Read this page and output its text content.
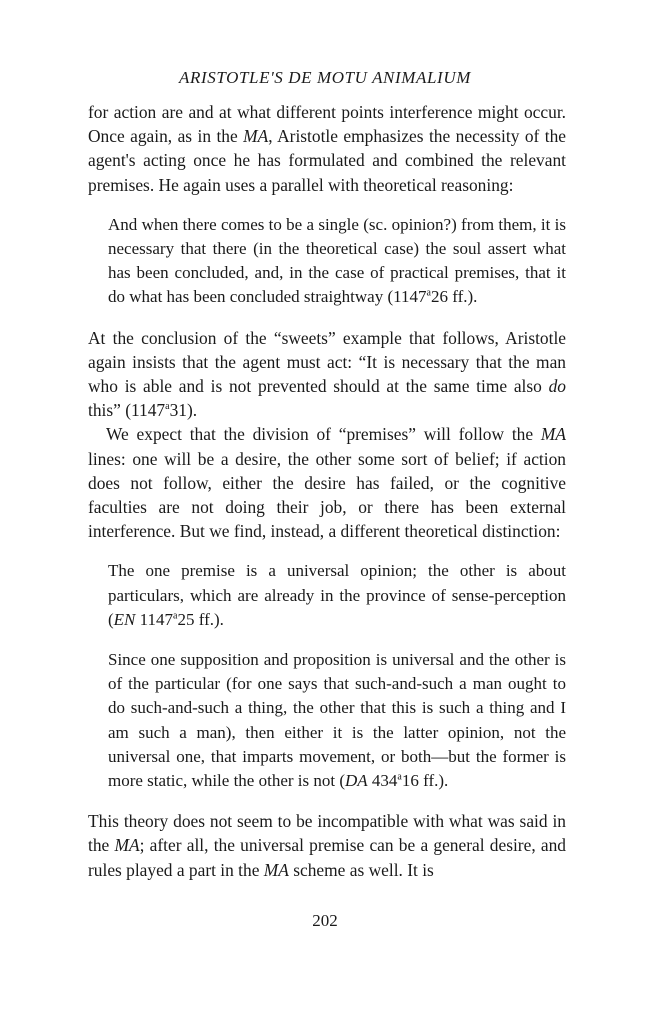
ARISTOTLE'S DE MOTU ANIMALIUM

for action are and at what different points interference might occur. Once again, as in the MA, Aristotle emphasizes the necessity of the agent's acting once he has formulated and combined the relevant premises. He again uses a parallel with theoretical reasoning:

And when there comes to be a single (sc. opinion?) from them, it is necessary that there (in the theoretical case) the soul assert what has been concluded, and, in the case of practical premises, that it do what has been concluded straightway (1147$^a$26 ff.).

At the conclusion of the “sweets” example that follows, Aristotle again insists that the agent must act: “It is necessary that the man who is able and is not prevented should at the same time also do this” (1147$^a$31).

We expect that the division of “premises” will follow the MA lines: one will be a desire, the other some sort of belief; if action does not follow, either the desire has failed, or the cognitive faculties are not doing their job, or there has been external interference. But we find, instead, a different theoretical distinction:

The one premise is a universal opinion; the other is about particulars, which are already in the province of sense-perception (EN 1147$^a$25 ff.).

Since one supposition and proposition is universal and the other is of the particular (for one says that such-and-such a man ought to do such-and-such a thing, the other that this is such a thing and I am such a man), then either it is the latter opinion, not the universal one, that imparts movement, or both—but the former is more static, while the other is not (DA 434$^a$16 ff.).

This theory does not seem to be incompatible with what was said in the MA; after all, the universal premise can be a general desire, and rules played a part in the MA scheme as well. It is

202
